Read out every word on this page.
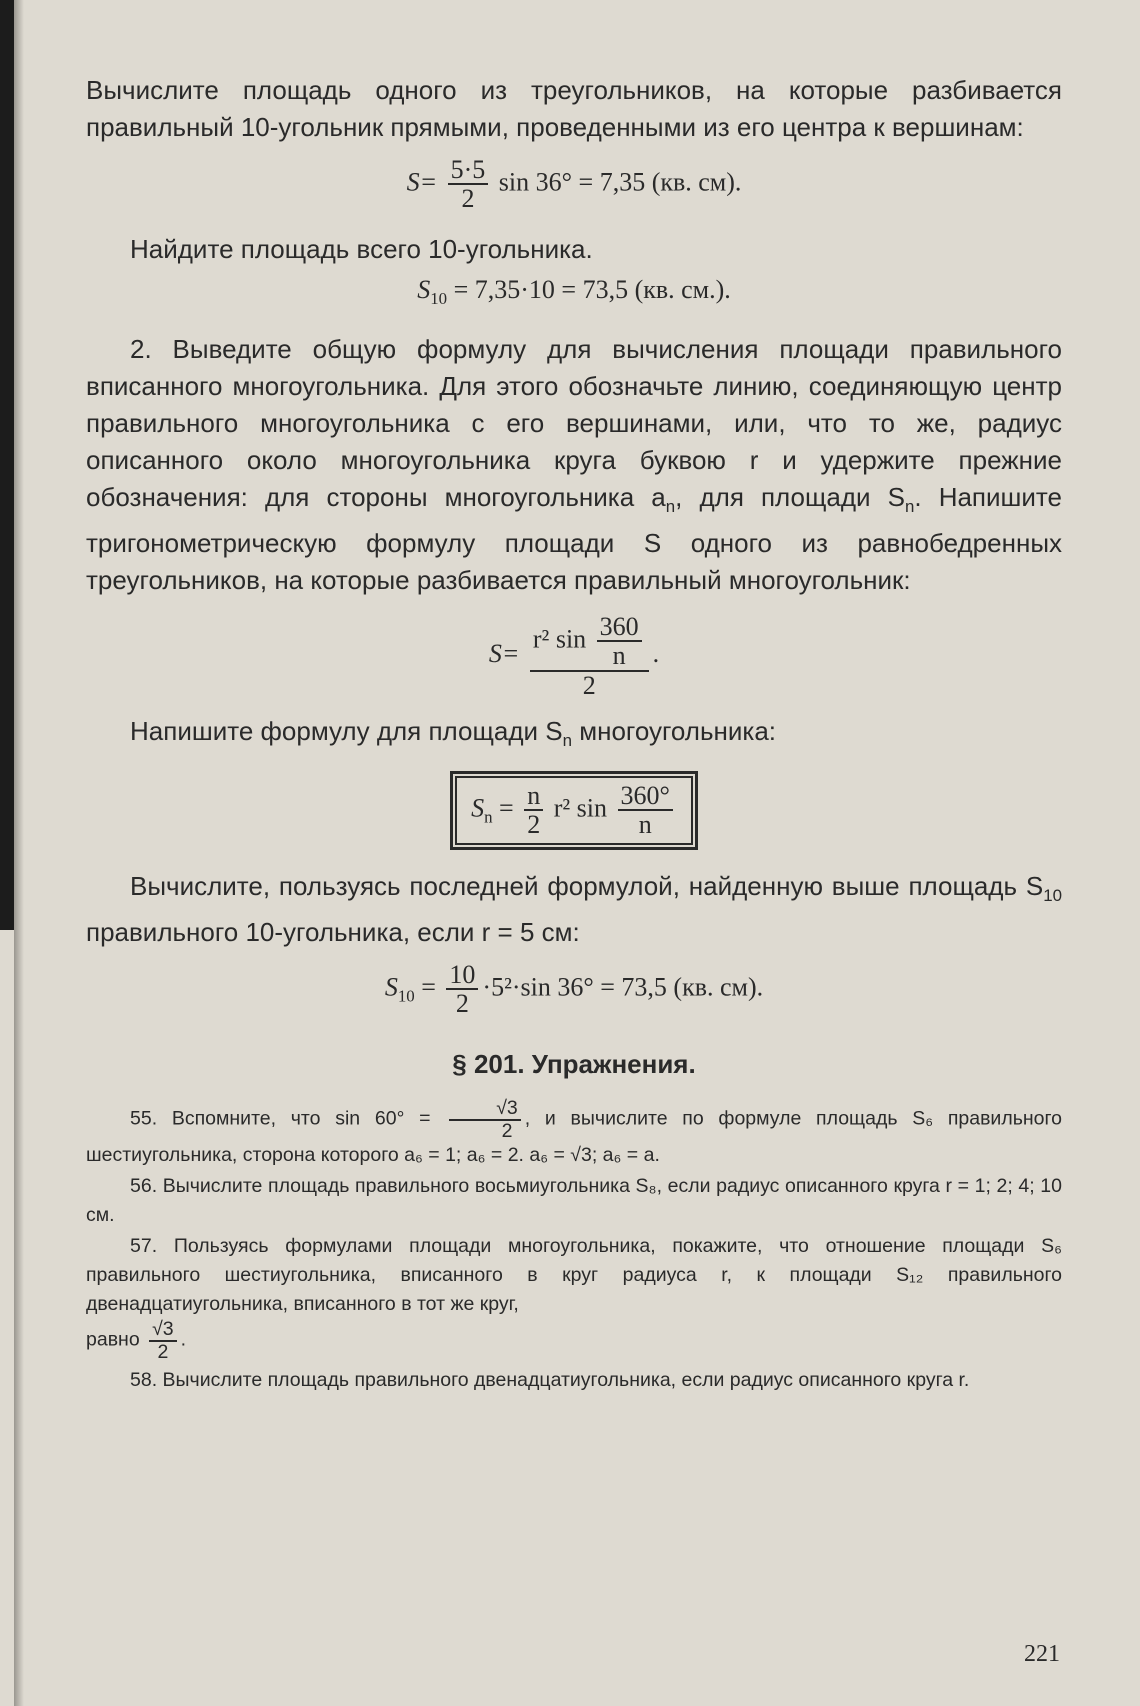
Вычислите площадь одного из треугольников, на которые разбивается правильный 10-угольник прямыми, проведенными из его центра к вершинам:

$S= \frac{5\cdot 5}{2}$ sin 36° = 7,35 (кв. см).

Найдите площадь всего 10-угольника.

$S_{10} = 7,35\cdot 10 = 73,5$ (кв. см.).

2. Выведите общую формулу для вычисления площади правильного вписанного многоугольника. Для этого обозначьте линию, соединяющую центр правильного многоугольника с его вершинами, или, что то же, радиус описанного около многоугольника круга буквою r и удержите прежние обозначения: для стороны многоугольника $a_n$, для площади $S_n$. Напишите тригонометрическую формулу площади S одного из равнобедренных треугольников, на которые разбивается правильный многоугольник:

$S= \frac{r^2 \sin \frac{360}{n}}{2}$ .

Напишите формулу для площади $S_n$ многоугольника:

$S_n = \frac{n}{2} r^2$ $\sin \frac{360^\circ}{n}$

Вычислите, пользуясь последней формулой, найденную выше площадь $S_{10}$ правильного 10-угольника, если r = 5 см:

$S_{10} = \frac{10}{2} \cdot 5^2\cdot\sin$ 36° = 73,5 (кв. см).
§ 201. Упражнения.

55. Вспомните, что $\sin 60^\circ = \frac{√3}{2}$ , и вычислите по формуле площадь S₆ правильного шестиугольника, сторона которого a₆ = 1; a₆ = 2. a₆ = √3; a₆ = a.

56. Вычислите площадь правильного восьмиугольника S₈, если радиус описанного круга r = 1; 2; 4; 10 см.

57. Пользуясь формулами площади многоугольника, покажите, что отношение площади S₆ правильного шестиугольника, вписанного в круг радиуса r, к площади S₁₂ правильного двенадцатиугольника, вписанного в тот же круг,

равно $\frac{√3}{2}$ .

58. Вычислите площадь правильного двенадцатиугольника, если радиус описанного круга r.

221
